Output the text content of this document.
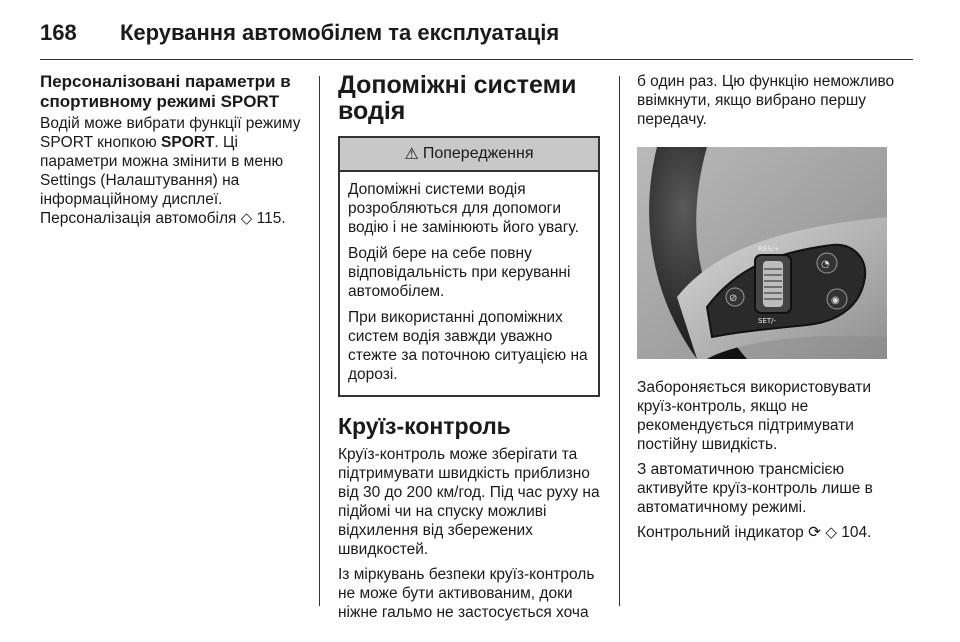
168 Керування автомобілем та експлуатація
Персоналізовані параметри в спортивному режимі SPORT

Водій може вибрати функції режиму SPORT кнопкою SPORT. Ці параметри можна змінити в меню Settings (Налаштування) на інформаційному дисплеї. Персоналізація автомобіля ◇ 115.

Допоміжні системи водія
⚠ Попередження

Допоміжні системи водія розробляються для допомоги водію і не замінюють його увагу.

Водій бере на себе повну відповідальність при керуванні автомобілем.

При використанні допоміжних систем водія завжди уважно стежте за поточною ситуацією на дорозі.

Круїз-контроль

Круїз-контроль може зберігати та підтримувати швидкість приблизно від 30 до 200 км/год. Під час руху на підйомі чи на спуску можливі відхилення від збережених швидкостей.

Із міркувань безпеки круїз-контроль не може бути активованим, доки ніжне гальмо не застосується хоча

б один раз. Цю функцію неможливо ввімкнути, якщо вибрано першу передачу.

RES/+
SET/-
⊘
◔
◉

Забороняється використовувати круїз-контроль, якщо не рекомендується підтримувати постійну швидкість.

З автоматичною трансмісією активуйте круїз-контроль лише в автоматичному режимі.

Контрольний індикатор ⟳ ◇ 104.
